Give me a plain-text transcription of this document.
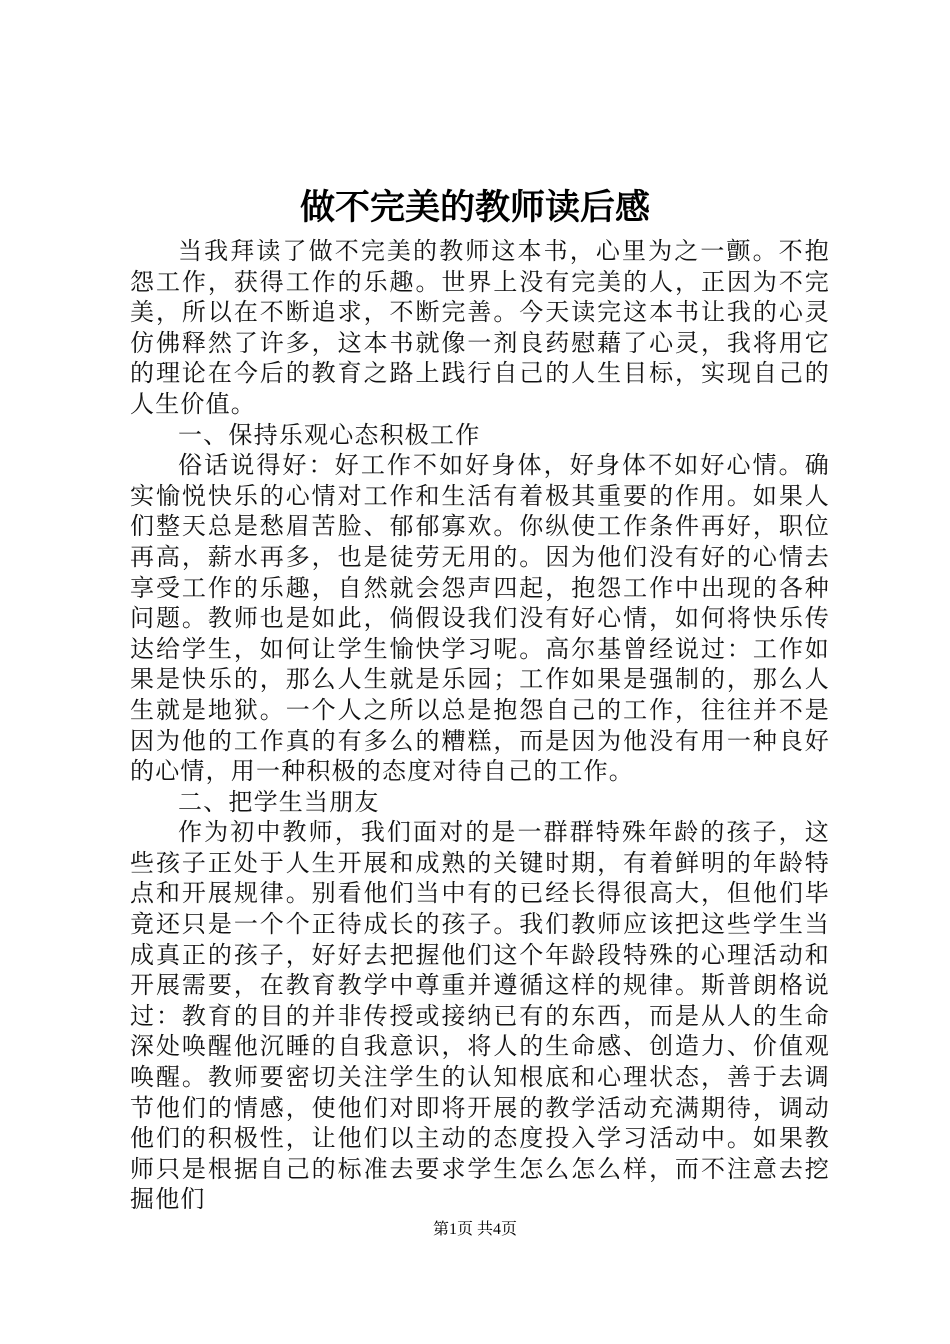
做不完美的教师读后感

当我拜读了做不完美的教师这本书，心里为之一颤。不抱怨工作，获得工作的乐趣。世界上没有完美的人，正因为不完美，所以在不断追求，不断完善。今天读完这本书让我的心灵仿佛释然了许多，这本书就像一剂良药慰藉了心灵，我将用它的理论在今后的教育之路上践行自己的人生目标，实现自己的人生价值。

一、保持乐观心态积极工作

俗话说得好：好工作不如好身体，好身体不如好心情。确实愉悦快乐的心情对工作和生活有着极其重要的作用。如果人们整天总是愁眉苦脸、郁郁寡欢。你纵使工作条件再好，职位再高，薪水再多，也是徒劳无用的。因为他们没有好的心情去享受工作的乐趣，自然就会怨声四起，抱怨工作中出现的各种问题。教师也是如此，倘假设我们没有好心情，如何将快乐传达给学生，如何让学生愉快学习呢。高尔基曾经说过：工作如果是快乐的，那么人生就是乐园；工作如果是强制的，那么人生就是地狱。一个人之所以总是抱怨自己的工作，往往并不是因为他的工作真的有多么的糟糕，而是因为他没有用一种良好的心情，用一种积极的态度对待自己的工作。

二、把学生当朋友

作为初中教师，我们面对的是一群群特殊年龄的孩子，这些孩子正处于人生开展和成熟的关键时期，有着鲜明的年龄特点和开展规律。别看他们当中有的已经长得很高大，但他们毕竟还只是一个个正待成长的孩子。我们教师应该把这些学生当成真正的孩子，好好去把握他们这个年龄段特殊的心理活动和开展需要，在教育教学中尊重并遵循这样的规律。斯普朗格说过：教育的目的并非传授或接纳已有的东西，而是从人的生命深处唤醒他沉睡的自我意识，将人的生命感、创造力、价值观唤醒。教师要密切关注学生的认知根底和心理状态，善于去调节他们的情感，使他们对即将开展的教学活动充满期待，调动他们的积极性，让他们以主动的态度投入学习活动中。如果教师只是根据自己的标准去要求学生怎么怎么样，而不注意去挖掘他们

第1页 共4页
